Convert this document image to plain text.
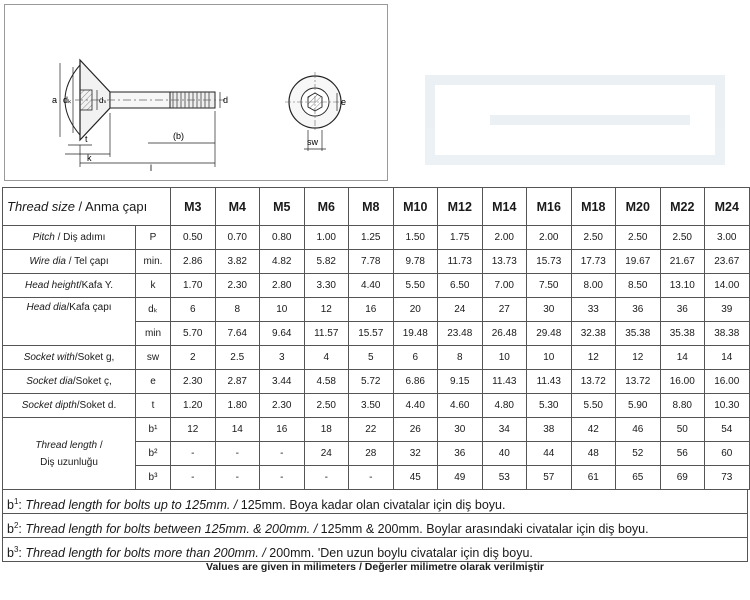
a dₖ	dₛ	d
t
k
(b)
l
e
sw
Thread size / Anma çapı		M3	M4	M5	M6	M8	M10	M12	M14	M16	M18	M20	M22	M24
Pitch / Diş adımı	P	0.50	0.70	0.80	1.00	1.25	1.50	1.75	2.00	2.00	2.50	2.50	2.50	3.00
Wire dia / Tel çapı	min.	2.86	3.82	4.82	5.82	7.78	9.78	11.73	13.73	15.73	17.73	19.67	21.67	23.67
Head height/Kafa Y.	k	1.70	2.30	2.80	3.30	4.40	5.50	6.50	7.00	7.50	8.00	8.50	13.10	14.00
Head dia/Kafa çapı	dₖ	6	8	10	12	16	20	24	27	30	33	36	36	39
	min	5.70	7.64	9.64	11.57	15.57	19.48	23.48	26.48	29.48	32.38	35.38	35.38	38.38
Socket with/Soket g,	sw	2	2.5	3	4	5	6	8	10	10	12	12	14	14
Socket dia/Soket ç,	e	2.30	2.87	3.44	4.58	5.72	6.86	9.15	11.43	11.43	13.72	13.72	16.00	16.00
Socket dipth/Soket d.	t	1.20	1.80	2.30	2.50	3.50	4.40	4.60	4.80	5.30	5.50	5.90	8.80	10.30
Thread length /
Diş uzunluğu	b¹	12	14	16	18	22	26	30	34	38	42	46	50	54
	b²	-	-	-	24	28	32	36	40	44	48	52	56	60
	b³	-	-	-	-	-	45	49	53	57	61	65	69	73
$b^1$: Thread length for bolts up to 125mm. / 125mm. Boya kadar olan civatalar için diş boyu.
$b^2$: Thread length for bolts between 125mm. & 200mm. / 125mm & 200mm. Boylar arasındaki civatalar için diş boyu.
$b^3$: Thread length for bolts more than 200mm. / 200mm. 'Den uzun boylu civatalar için diş boyu.
Values are given in milimeters / Değerler milimetre olarak verilmiştir
